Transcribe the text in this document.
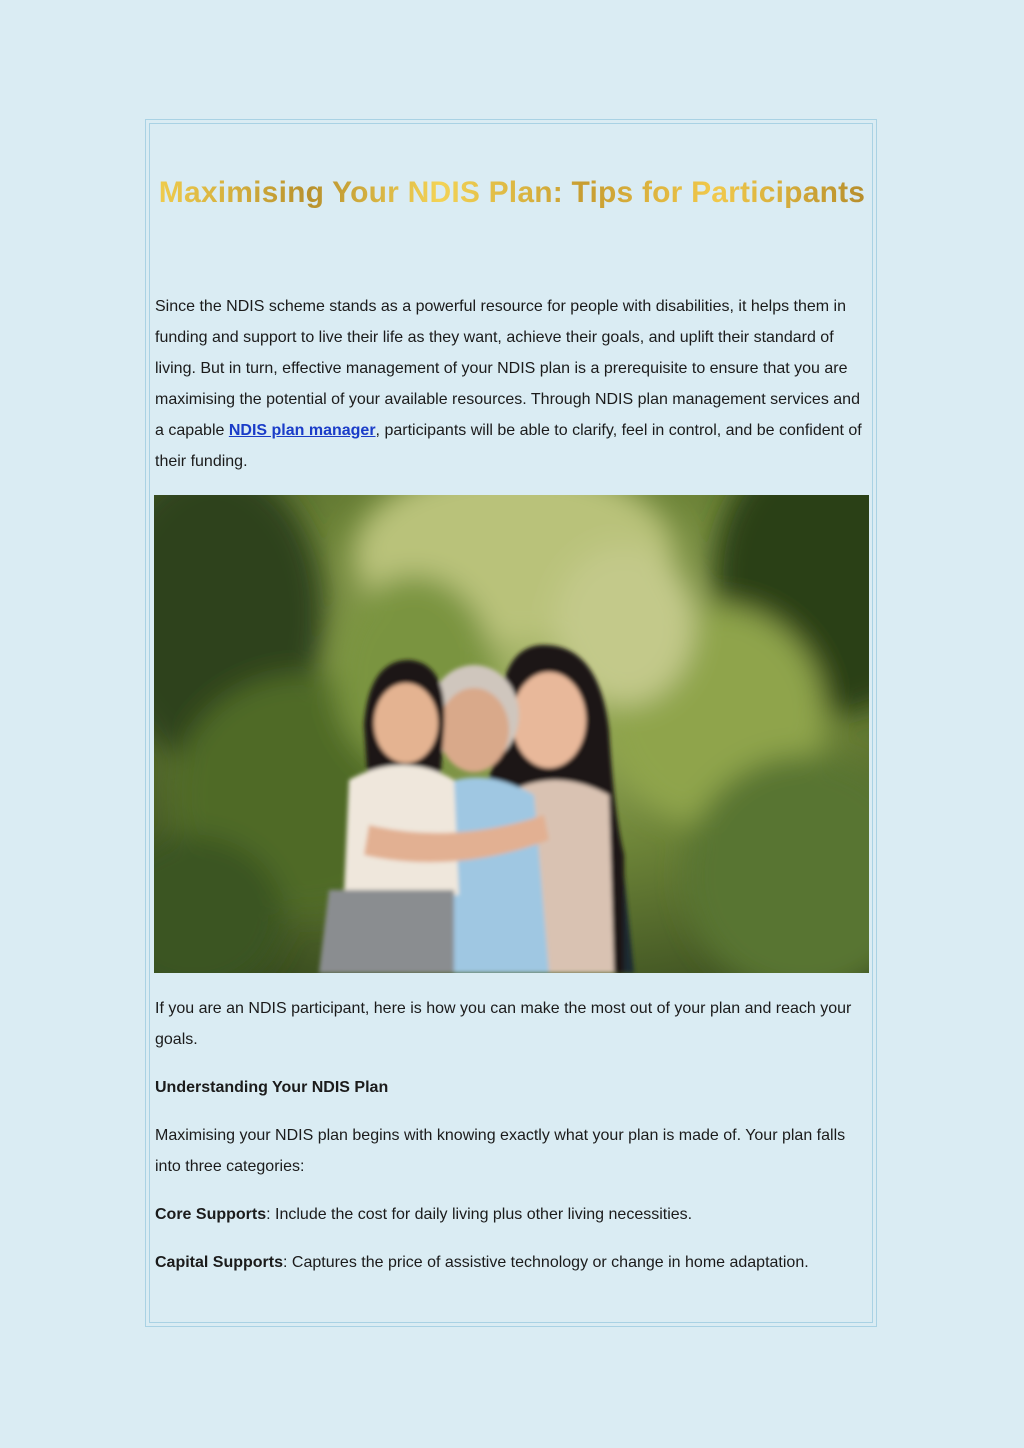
Maximising Your NDIS Plan: Tips for Participants

Since the NDIS scheme stands as a powerful resource for people with disabilities, it helps them in funding and support to live their life as they want, achieve their goals, and uplift their standard of living. But in turn, effective management of your NDIS plan is a prerequisite to ensure that you are maximising the potential of your available resources. Through NDIS plan management services and a capable NDIS plan manager, participants will be able to clarify, feel in control, and be confident of their funding.

If you are an NDIS participant, here is how you can make the most out of your plan and reach your goals.

Understanding Your NDIS Plan

Maximising your NDIS plan begins with knowing exactly what your plan is made of. Your plan falls into three categories:

Core Supports: Include the cost for daily living plus other living necessities.

Capital Supports: Captures the price of assistive technology or change in home adaptation.
